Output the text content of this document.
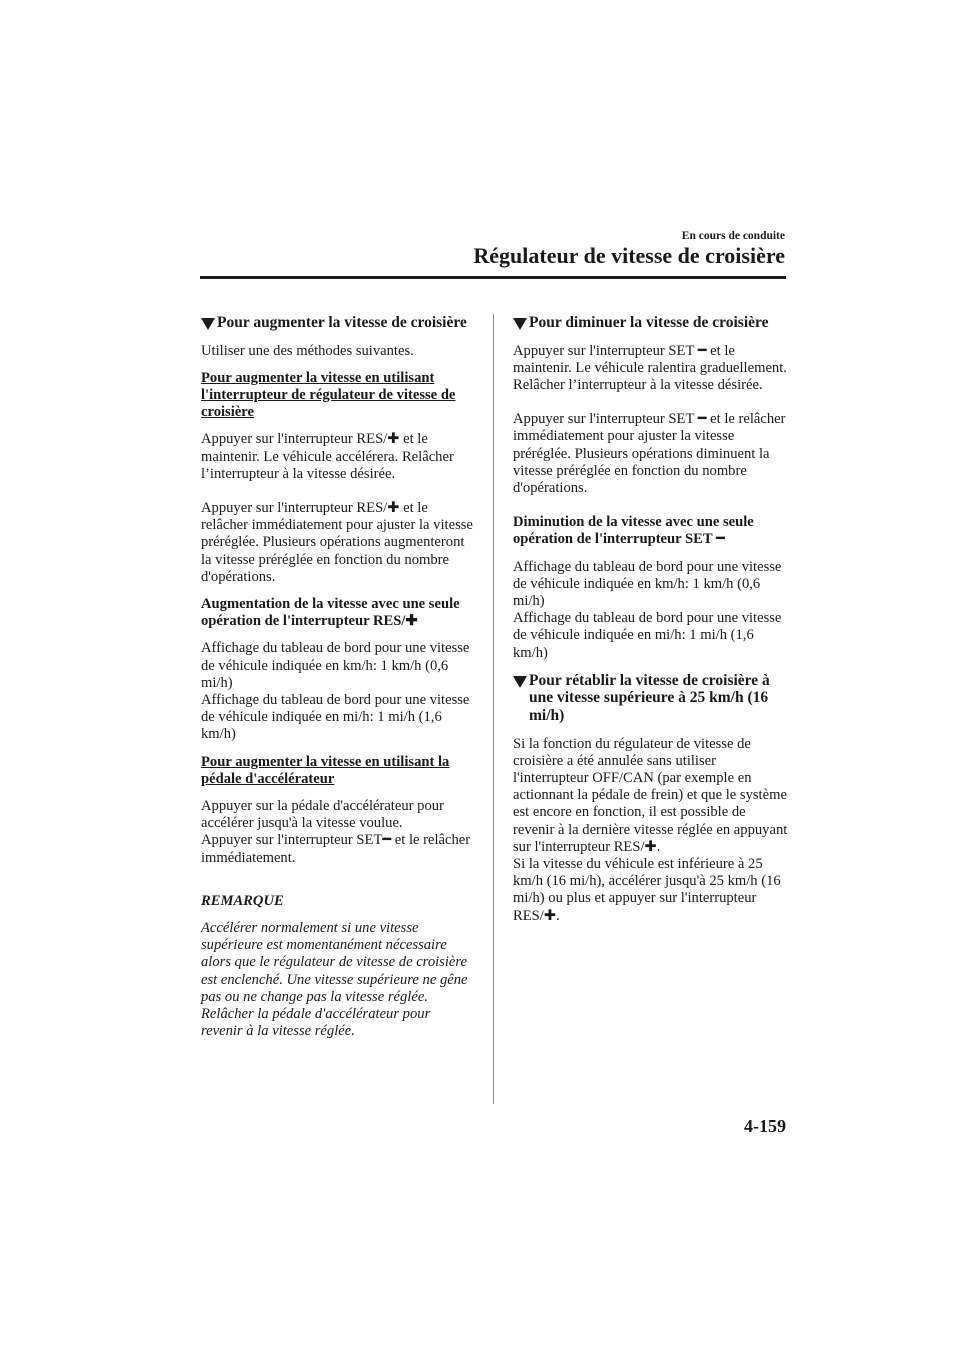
En cours de conduite
Régulateur de vitesse de croisière
Pour augmenter la vitesse de croisière

Utiliser une des méthodes suivantes.

Pour augmenter la vitesse en utilisant l'interrupteur de régulateur de vitesse de croisière

Appuyer sur l'interrupteur RES/✚ et le maintenir. Le véhicule accélérera. Relâcher l’interrupteur à la vitesse désirée.

Appuyer sur l'interrupteur RES/✚ et le relâcher immédiatement pour ajuster la vitesse préréglée. Plusieurs opérations augmenteront la vitesse préréglée en fonction du nombre d'opérations.

Augmentation de la vitesse avec une seule opération de l'interrupteur RES/✚

Affichage du tableau de bord pour une vitesse de véhicule indiquée en km/h: 1 km/h (0,6 mi/h)

Affichage du tableau de bord pour une vitesse de véhicule indiquée en mi/h: 1 mi/h (1,6 km/h)

Pour augmenter la vitesse en utilisant la pédale d'accélérateur

Appuyer sur la pédale d'accélérateur pour accélérer jusqu'à la vitesse voulue.

Appuyer sur l'interrupteur SET━ et le relâcher immédiatement.

REMARQUE

Accélérer normalement si une vitesse supérieure est momentanément nécessaire alors que le régulateur de vitesse de croisière est enclenché. Une vitesse supérieure ne gêne pas ou ne change pas la vitesse réglée. Relâcher la pédale d'accélérateur pour revenir à la vitesse réglée.

Pour diminuer la vitesse de croisière

Appuyer sur l'interrupteur SET ━ et le maintenir. Le véhicule ralentira graduellement.

Relâcher l’interrupteur à la vitesse désirée.

Appuyer sur l'interrupteur SET ━ et le relâcher immédiatement pour ajuster la vitesse préréglée. Plusieurs opérations diminuent la vitesse préréglée en fonction du nombre d'opérations.

Diminution de la vitesse avec une seule opération de l'interrupteur SET ━

Affichage du tableau de bord pour une vitesse de véhicule indiquée en km/h: 1 km/h (0,6 mi/h)

Affichage du tableau de bord pour une vitesse de véhicule indiquée en mi/h: 1 mi/h (1,6 km/h)

Pour rétablir la vitesse de croisière à une vitesse supérieure à 25 km/h (16 mi/h)

Si la fonction du régulateur de vitesse de croisière a été annulée sans utiliser l'interrupteur OFF/CAN (par exemple en actionnant la pédale de frein) et que le système est encore en fonction, il est possible de revenir à la dernière vitesse réglée en appuyant sur l'interrupteur RES/✚.

Si la vitesse du véhicule est inférieure à 25 km/h (16 mi/h), accélérer jusqu'à 25 km/h (16 mi/h) ou plus et appuyer sur l'interrupteur RES/✚.

4-159
